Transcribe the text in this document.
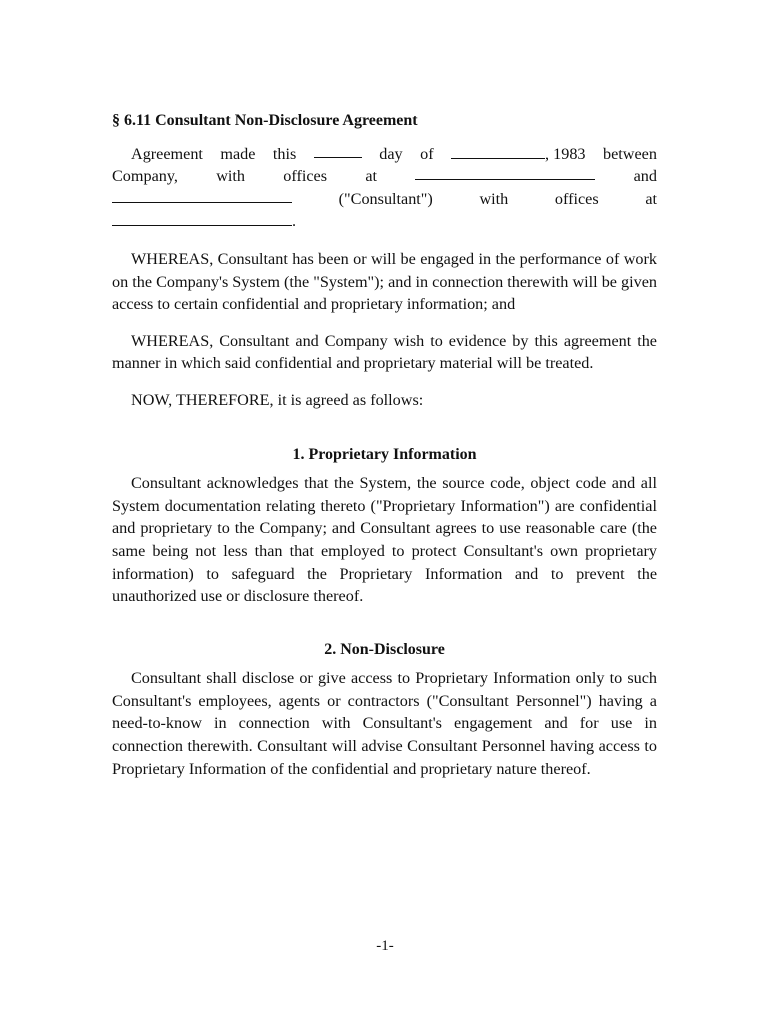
§ 6.11 Consultant Non-Disclosure Agreement
Agreement made this	day of	, 1983 between
Company, with offices at	and
("Consultant")	with	offices	at
.

WHEREAS, Consultant has been or will be engaged in the performance of work on the Company's System (the "System"); and in connection therewith will be given access to certain confidential and proprietary information; and

WHEREAS, Consultant and Company wish to evidence by this agreement the manner in which said confidential and proprietary material will be treated.

NOW, THEREFORE, it is agreed as follows:

1. Proprietary Information

Consultant acknowledges that the System, the source code, object code and all System documentation relating thereto ("Proprietary Information") are confidential and proprietary to the Company; and Consultant agrees to use reasonable care (the same being not less than that employed to protect Consultant's own proprietary information) to safeguard the Proprietary Information and to prevent the unauthorized use or disclosure thereof.

2. Non-Disclosure

Consultant shall disclose or give access to Proprietary Information only to such Consultant's employees, agents or contractors ("Consultant Personnel") having a need-to-know in connection with Consultant's engagement and for use in connection therewith. Consultant will advise Consultant Personnel having access to Proprietary Information of the confidential and proprietary nature thereof.

-1-
